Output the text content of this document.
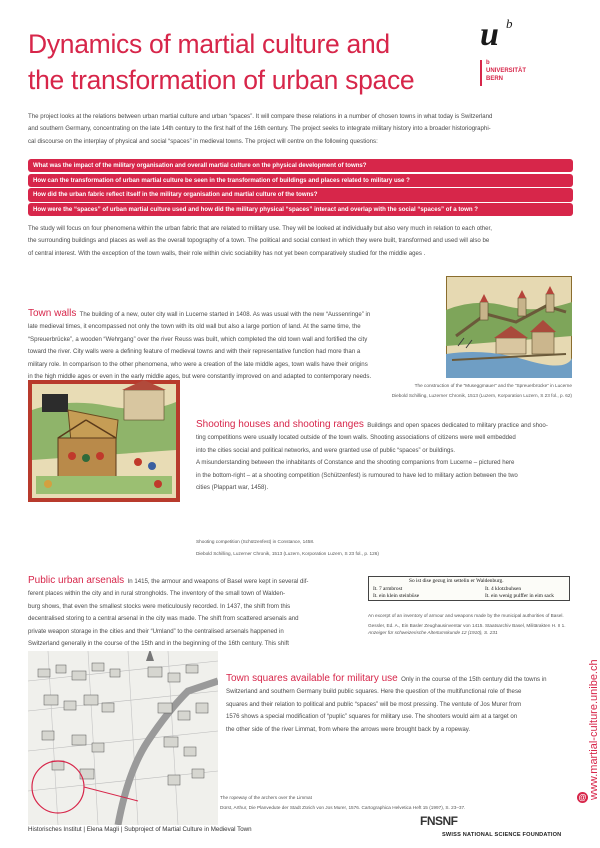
Dynamics of martial culture and
the transformation of urban space
u b
b
UNIVERSITÄT
BERN
The project looks at the relations between urban martial culture and urban “spaces”. It will compare these relations in a number of chosen towns in what today is Switzerland
and southern Germany, concentrating on the late 14th century to the first half of the 16th century. The project seeks to integrate military history into a broader historiographi-
cal discourse on the interplay of physical and social “spaces” in medieval towns. The project will centre on the following questions:
What was the impact of the military organisation and overall martial culture on the physical development of towns?
How can the transformation of urban martial culture be seen in the transformation of buildings and places related to military use ?
How did the urban fabric reflect itself in the military organisation and martial culture of the towns?
How were the “spaces” of urban martial culture used and how did the military physical “spaces” interact and overlap with the social “spaces” of a town ?
The study will focus on four phenomena within the urban fabric that are related to military use. They will be looked at individually but also very much in relation to each other,
the surrounding buildings and places as well as the overall topography of a town. The political and social context in which they were built, transformed and used will also be
of central interest. With the exception of the town walls, their role within civic sociability has not yet been comparatively studied for the middle ages .
Town walls The building of a new, outer city wall in Lucerne started in 1408. As was usual with the new “Aussenringe” in
late medieval times, it encompassed not only the town with its old wall but also a large portion of land. At the same time, the
“Spreuerbrücke”, a wooden “Wehrgang” over the river Reuss was built, which completed the old town wall and fortified the city
toward the river. City walls were a defining feature of medieval towns and with their representative function had more than a
military role. In comparison to the other phenomena, who were a creation of the late middle ages, town walls have their origins
in the high middle ages or even in the early middle ages, but were constantly improved on and adapted to contemporary needs.
The construction of the “Museggmauer” and the “Spreuerbrücke” in Lucerne
Diebold Schilling, Luzerner Chronik, 1513 (Luzern, Korporation Luzern, S 23 fol., p. 62)
Shooting houses and shooting ranges Buildings and open spaces dedicated to military practice and shoo-
ting competitions were usually located outside of the town walls. Shooting associations of citizens were well embedded
into the cities social and political networks, and were granted use of public “spaces” or buildings.
A misunderstanding between the inhabitants of Constance and the shooting companions from Lucerne – pictured here
in the bottom-right – at a shooting competition (Schützenfest) is rumoured to have led to military action between the two
cities (Plappart war, 1458).
Shooting competition (Schützenfest) in Constance, 1458.
Diebold Schilling, Luzerner Chronik, 1513 (Luzern, Korporation Luzern, S 23 fol., p. 126)
Public urban arsenals In 1415, the armour and weapons of Basel were kept in several dif-
ferent places within the city and in rural strongholds. The inventory of the small town of Walden-
burg shows, that even the smallest stocks were meticulously recorded. In 1437, the shift from this
decentralised storing to a central arsenal in the city was made. The shift from scattered arsenals and
private weapon storage in the cities and their “Umland” to the centralised arsenals happened in
Switzerland generally in the course of the 15th and in the beginning of the 16th century. This shift
So ist dise gezug im settelin er Waldenburg.
It. 7 armbrost	It. 4 klotzbuhsen
It. ein klein steinbüse	It. ein wenig pulffer in eim sack
An excerpt of an inventory of armour and weapons made by the municipal authorities of Basel.
Gessler, Ed. A., Ein Basler Zeughausinventar von 1415. Staatsarchiv Basel, Militärakten H. II 1.
Anzeiger für schweizerische Altertumskunde 12 (1910), S. 231
Town squares available for military use Only in the course of the 15th century did the towns in
Switzerland and southern Germany build public squares. Here the question of the multifunctional role of these
squares and their relation to political and public “spaces” will be most pressing. The ventute of Jos Murer from
1576 shows a special modification of “puplic” squares for military use. The shooters would aim at a target on
the other side of the river Limmat, from where the arrows were brought back by a ropeway.
The ropeway of the archers over the Limmat
Dürst, Arthur, Die Planvedute der Stadt Zürich von Jos Murer, 1576. Cartographica Helvetica Heft 15 (1997), S. 23–37.
www.martial-culture.unibe.ch
@
Historisches Institut | Elena Magli | Subproject of Martial Culture in Medieval Town
FNSNF
SWISS NATIONAL SCIENCE FOUNDATION
